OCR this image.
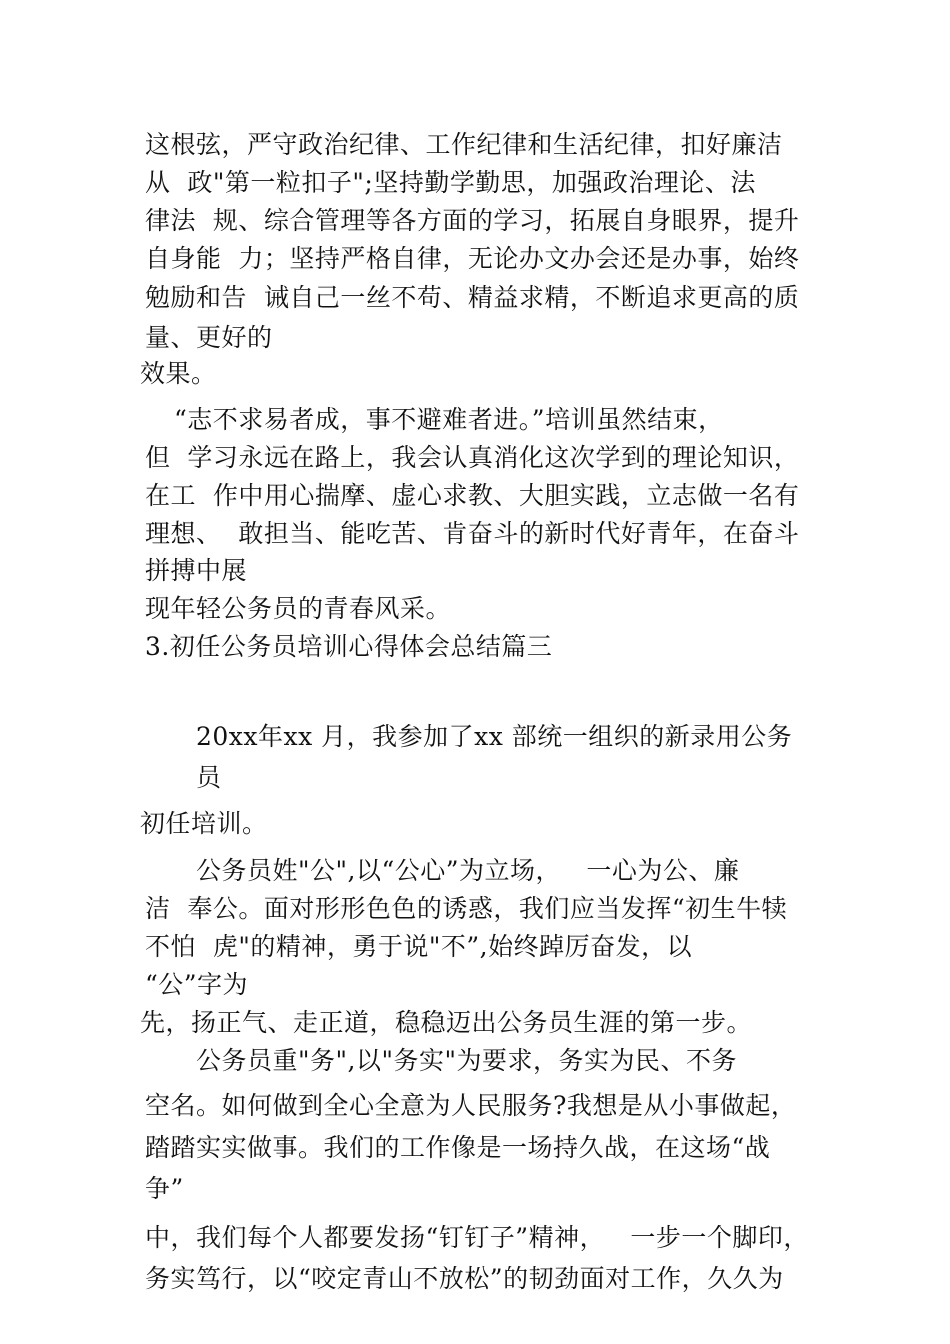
这根弦，严守政治纪律、工作纪律和生活纪律，扣好廉洁
从  政"第一粒扣子";坚持勤学勤思，加强政治理论、法
律法  规、综合管理等各方面的学习，拓展自身眼界，提升
自身能  力；坚持严格自律，无论办文办会还是办事，始终
勉励和告  诫自己一丝不苟、精益求精，不断追求更高的质
量、更好的
效果。
“志不求易者成，事不避难者进。”培训虽然结束，
但  学习永远在路上，我会认真消化这次学到的理论知识，
在工  作中用心揣摩、虚心求教、大胆实践，立志做一名有
理想、  敢担当、能吃苦、肯奋斗的新时代好青年，在奋斗
拼搏中展
现年轻公务员的青春风采。
3.初任公务员培训心得体会总结篇三
20xx年xx 月，我参加了xx 部统一组织的新录用公务
员
初任培训。
公务员姓"公",以“公心”为立场，   一心为公、廉
洁  奉公。面对形形色色的诱惑，我们应当发挥“初生牛犊
不怕  虎"的精神，勇于说"不”,始终踔厉奋发，以
“公”字为
先，扬正气、走正道，稳稳迈出公务员生涯的第一步。
公务员重"务",以"务实"为要求，务实为民、不务
空名。如何做到全心全意为人民服务?我想是从小事做起，
踏踏实实做事。我们的工作像是一场持久战，在这场“战
争”
中，我们每个人都要发扬“钉钉子”精神，   一步一个脚印，
务实笃行，以“咬定青山不放松”的韧劲面对工作，久久为
